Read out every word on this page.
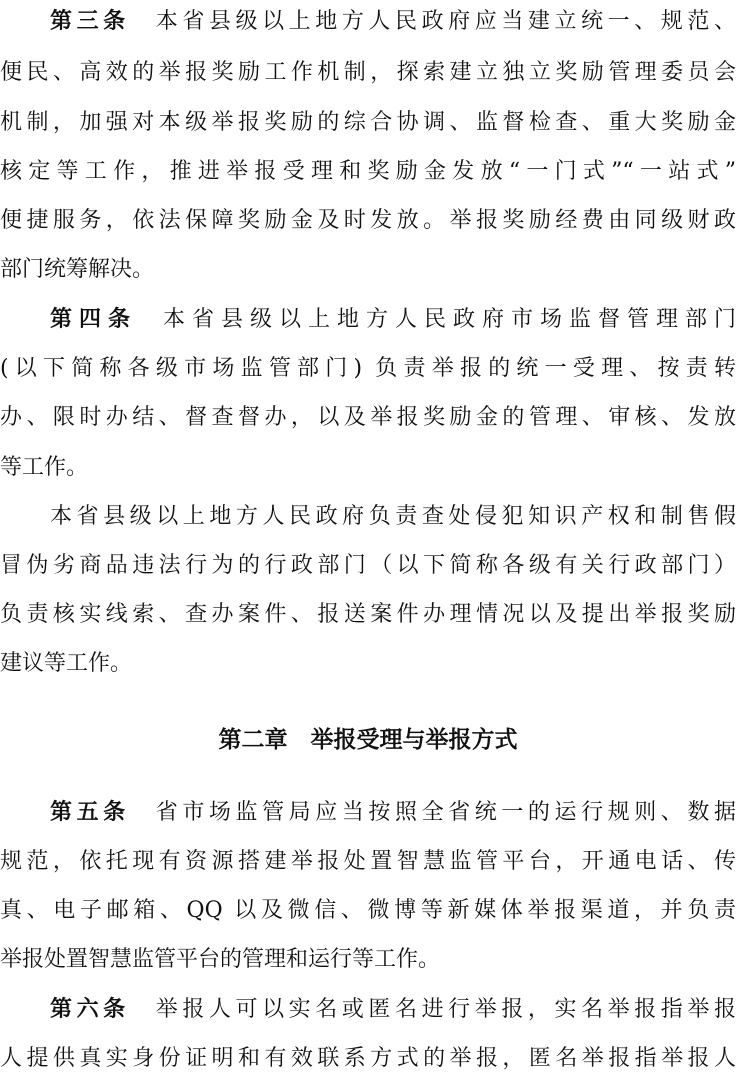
第三条 本省县级以上地方人民政府应当建立统一、规范、
便民、高效的举报奖励工作机制，探索建立独立奖励管理委员会
机制，加强对本级举报奖励的综合协调、监督检查、重大奖励金
核定等工作，推进举报受理和奖励金发放“一门式”“一站式”
便捷服务，依法保障奖励金及时发放。举报奖励经费由同级财政
部门统筹解决。
第四条 本省县级以上地方人民政府市场监督管理部门
(以下简称各级市场监管部门) 负责举报的统一受理、按责转
办、限时办结、督查督办，以及举报奖励金的管理、审核、发放
等工作。
本省县级以上地方人民政府负责查处侵犯知识产权和制售假
冒伪劣商品违法行为的行政部门（以下简称各级有关行政部门）
负责核实线索、查办案件、报送案件办理情况以及提出举报奖励
建议等工作。
第二章　举报受理与举报方式
第五条 省市场监管局应当按照全省统一的运行规则、数据
规范，依托现有资源搭建举报处置智慧监管平台，开通电话、传
真、电子邮箱、QQ 以及微信、微博等新媒体举报渠道，并负责
举报处置智慧监管平台的管理和运行等工作。
第六条 举报人可以实名或匿名进行举报，实名举报指举报
人提供真实身份证明和有效联系方式的举报，匿名举报指举报人
